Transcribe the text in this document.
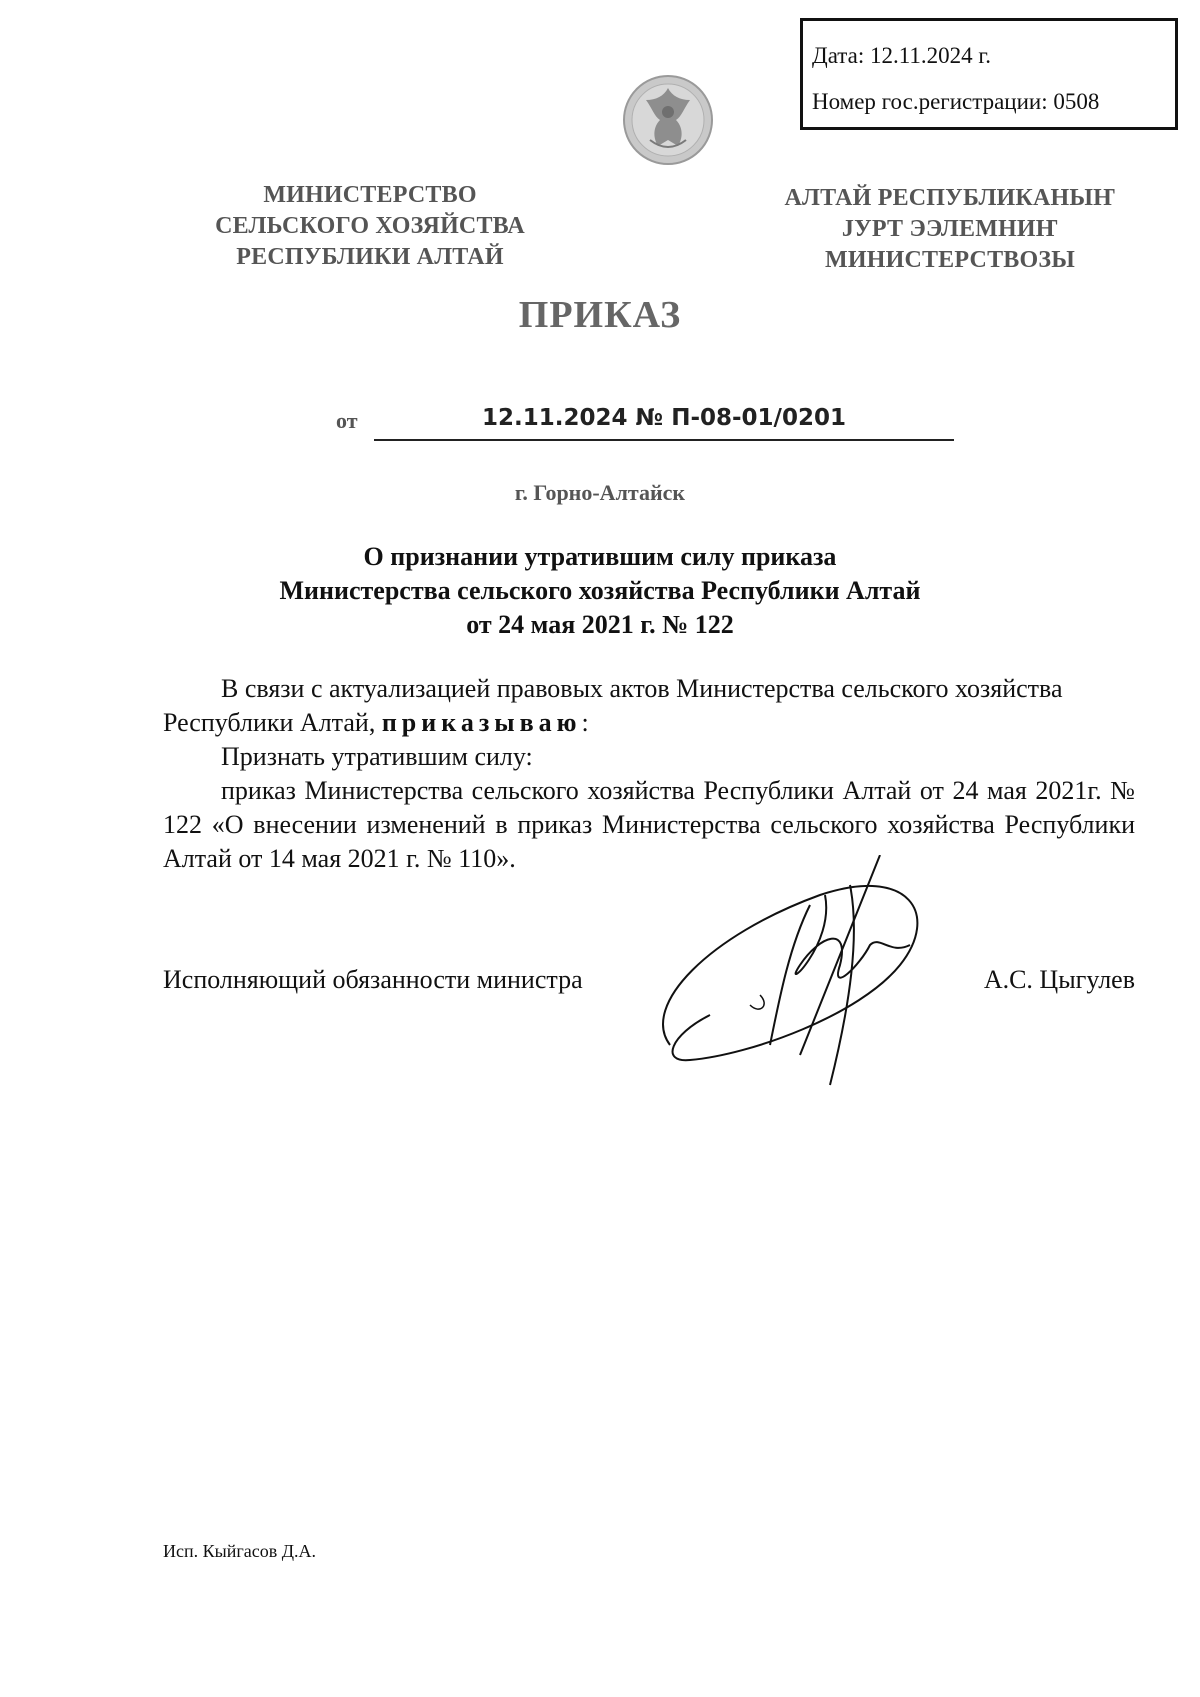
Дата: 12.11.2024 г.
Номер гос.регистрации: 0508
МИНИСТЕРСТВО
СЕЛЬСКОГО ХОЗЯЙСТВА
РЕСПУБЛИКИ АЛТАЙ
АЛТАЙ РЕСПУБЛИКАНЫҤ
ЈУРТ ЭЭЛЕМНИҤ
МИНИСТЕРСТВОЗЫ
ПРИКАЗ
от	12.11.2024 № П-08-01/0201
г. Горно-Алтайск
О признании утратившим силу приказа
Министерства сельского хозяйства Республики Алтай
от 24 мая 2021 г. № 122

В связи с актуализацией правовых актов Министерства сельского хозяйства Республики Алтай, приказываю:

Признать утратившим силу:

приказ Министерства сельского хозяйства Республики Алтай от 24 мая 2021г. № 122 «О внесении изменений в приказ Министерства сельского хозяйства Республики Алтай от 14 мая 2021 г. № 110».

Исполняющий обязанности министра	А.С. Цыгулев
Исп. Кыйгасов Д.А.
